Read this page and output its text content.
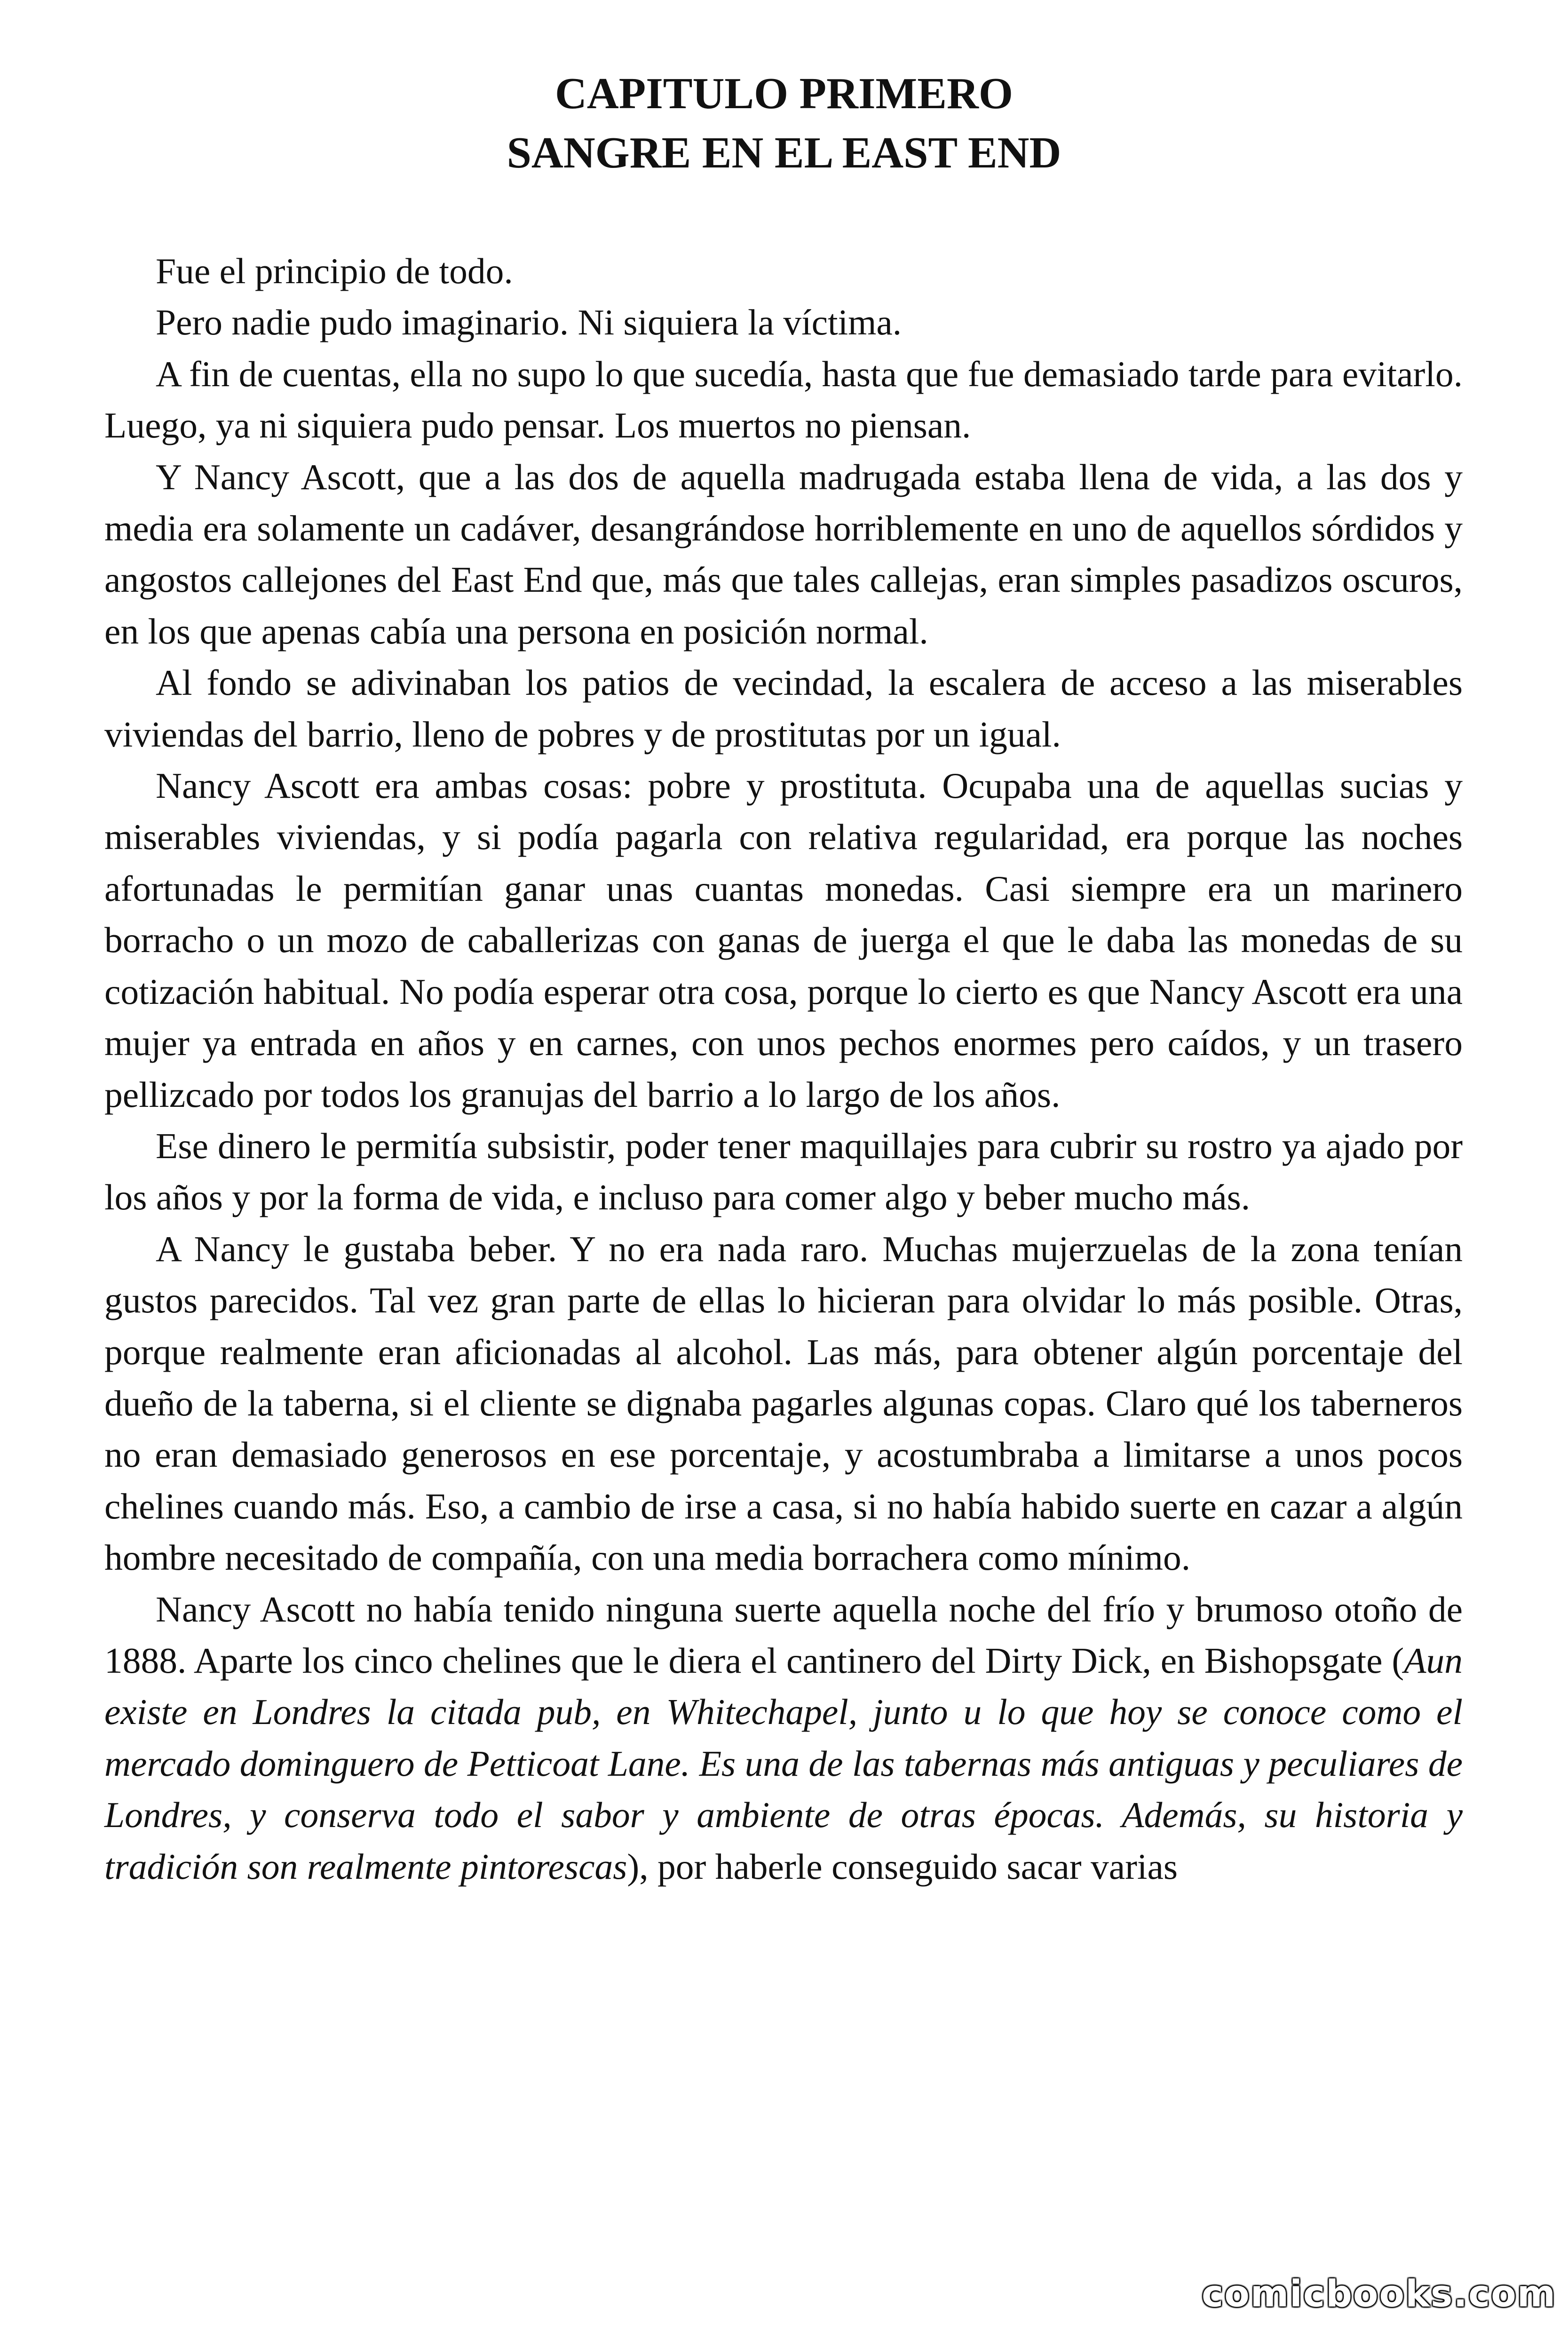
CAPITULO PRIMERO
SANGRE EN EL EAST END

Fue el principio de todo.

Pero nadie pudo imaginario. Ni siquiera la víctima.

A fin de cuentas, ella no supo lo que sucedía, hasta que fue demasiado tarde para evitarlo. Luego, ya ni siquiera pudo pensar. Los muertos no piensan.

Y Nancy Ascott, que a las dos de aquella madrugada estaba llena de vida, a las dos y media era solamente un cadáver, desangrándose horriblemente en uno de aquellos sórdidos y angostos callejones del East End que, más que tales callejas, eran simples pasadizos oscuros, en los que apenas cabía una persona en posición normal.

Al fondo se adivinaban los patios de vecindad, la escalera de acceso a las miserables viviendas del barrio, lleno de pobres y de prostitutas por un igual.

Nancy Ascott era ambas cosas: pobre y prostituta. Ocupaba una de aquellas sucias y miserables viviendas, y si podía pagarla con relativa regularidad, era porque las noches afortunadas le permitían ganar unas cuantas monedas. Casi siempre era un marinero borracho o un mozo de caballerizas con ganas de juerga el que le daba las monedas de su cotización habitual. No podía esperar otra cosa, porque lo cierto es que Nancy Ascott era una mujer ya entrada en años y en carnes, con unos pechos enormes pero caídos, y un trasero pellizcado por todos los granujas del barrio a lo largo de los años.

Ese dinero le permitía subsistir, poder tener maquillajes para cubrir su rostro ya ajado por los años y por la forma de vida, e incluso para comer algo y beber mucho más.

A Nancy le gustaba beber. Y no era nada raro. Muchas mujerzuelas de la zona tenían gustos parecidos. Tal vez gran parte de ellas lo hicieran para olvidar lo más posible. Otras, porque realmente eran aficionadas al alcohol. Las más, para obtener algún porcentaje del dueño de la taberna, si el cliente se dignaba pagarles algunas copas. Claro qué los taberneros no eran demasiado generosos en ese porcentaje, y acostumbraba a limitarse a unos pocos chelines cuando más. Eso, a cambio de irse a casa, si no había habido suerte en cazar a algún hombre necesitado de compañía, con una media borrachera como mínimo.

Nancy Ascott no había tenido ninguna suerte aquella noche del frío y brumoso otoño de 1888. Aparte los cinco chelines que le diera el cantinero del Dirty Dick, en Bishopsgate (Aun existe en Londres la citada pub, en Whitechapel, junto u lo que hoy se conoce como el mercado dominguero de Petticoat Lane. Es una de las tabernas más antiguas y peculiares de Londres, y conserva todo el sabor y ambiente de otras épocas. Además, su historia y tradición son realmente pintorescas), por haberle conseguido sacar varias

comicbooks.com
